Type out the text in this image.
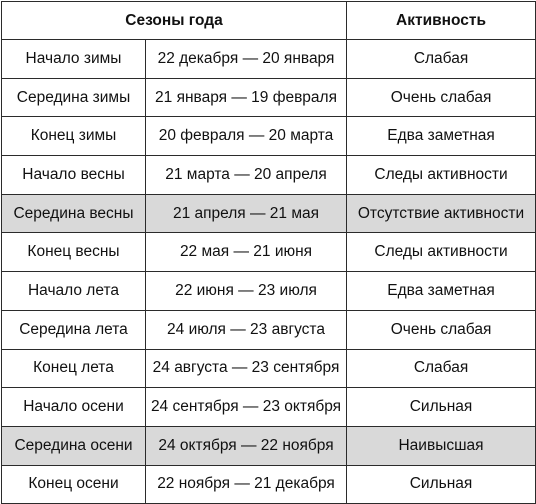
Сезоны года		Активность
Начало зимы	22 декабря — 20 января	Слабая
Середина зимы	21 января — 19 февраля	Очень слабая
Конец зимы	20 февраля — 20 марта	Едва заметная
Начало весны	21 марта — 20 апреля	Следы активности
Середина весны	21 апреля — 21 мая	Отсутствие активности
Конец весны	22 мая — 21 июня	Следы активности
Начало лета	22 июня — 23 июля	Едва заметная
Середина лета	24 июля — 23 августа	Очень слабая
Конец лета	24 августа — 23 сентября	Слабая
Начало осени	24 сентября — 23 октября	Сильная
Середина осени	24 октября — 22 ноября	Наивысшая
Конец осени	22 ноября — 21 декабря	Сильная
